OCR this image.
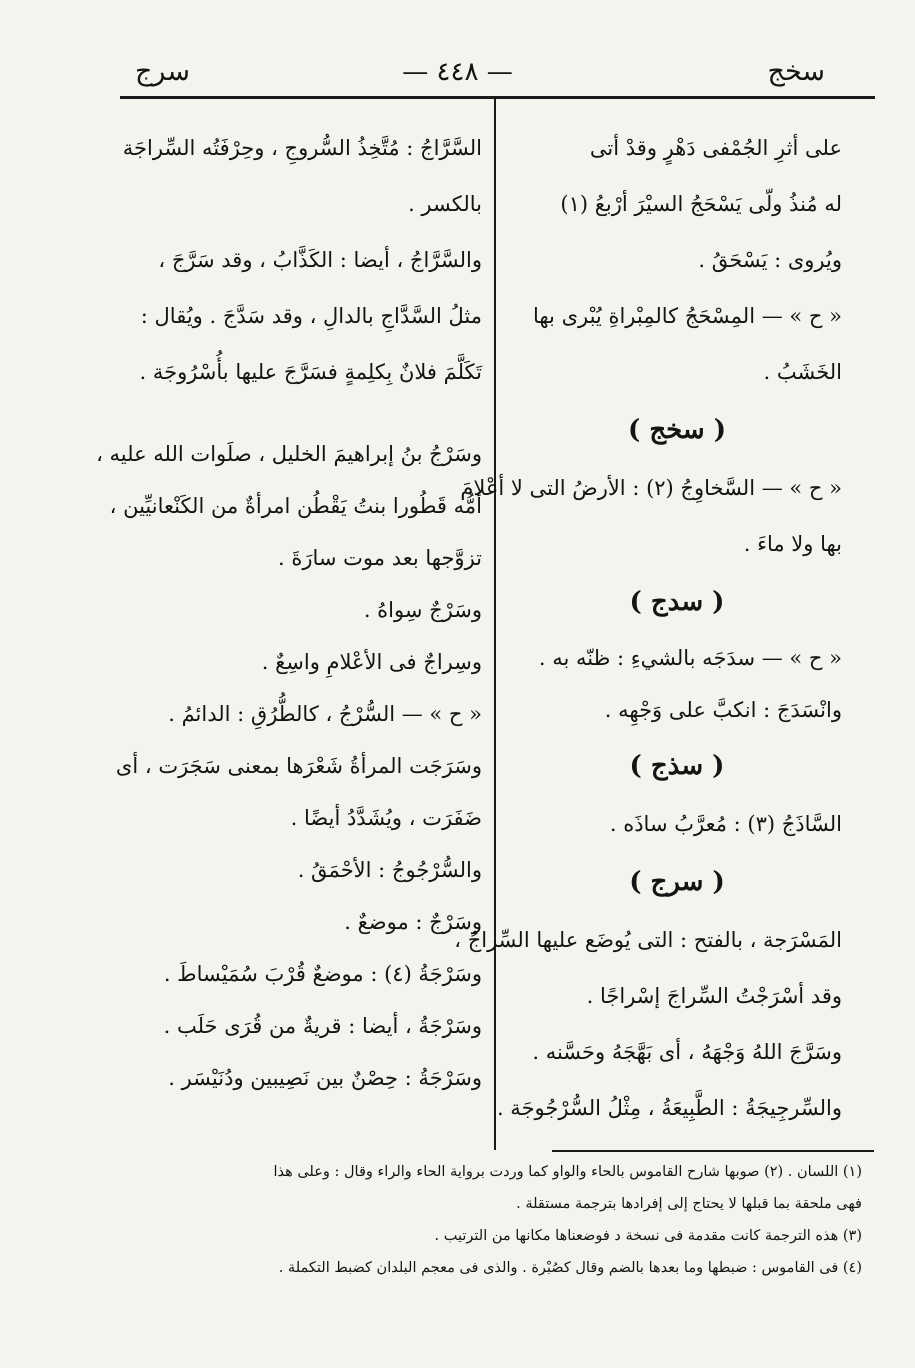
سخج
— ٤٤٨ —
سرج
على أثرِ الجُمْفى دَهْرٍ وقدْ أتى
له مُنذُ ولّى يَسْحَجُ السيْرَ أرْبعُ (١)
ويُروى : يَسْحَقُ .
« ح » — المِسْحَجُ كالمِبْراةِ يُبْرى بها
الخَشَبُ .
( سخج )
« ح » — السَّخاوِجُ (٢) : الأرضُ التى لا أعْلامَ
بها ولا ماءَ .
( سدج )
« ح » — سدَجَه بالشيءِ : ظنّه به .
وانْسَدَجَ : انكبَّ على وَجْهِه .
( سذج )
السَّاذَجُ (٣) : مُعرَّبُ ساذَه .
( سرج )
المَسْرَجة ، بالفتح : التى يُوضَع عليها السِّراجُ ،
وقد أسْرَجْتُ السِّراجَ إسْراجًا .
وسَرَّجَ اللهُ وَجْهَهُ ، أى بَهَّجَهُ وحَسَّنه .
والسِّرجِيجَةُ : الطَّبِيعَةُ ، مِثْلُ السُّرْجُوجَة .
السَّرَّاجُ : مُتَّخِذُ السُّروجِ ، وحِرْفَتُه السِّراجَة
بالكسر .
والسَّرَّاجُ ، أيضا : الكَذَّابُ ، وقد سَرَّجَ ،
مثلُ السَّدَّاجِ بالدالِ ، وقد سَدَّجَ . ويُقال :
تَكَلَّمَ فلانٌ بِكلِمةٍ فسَرَّجَ عليها بأُسْرُوجَة .
وسَرْجُ بنُ إبراهيمَ الخليل ، صلَوات الله عليه ،
أمُّه قَطُورا بنتُ يَقْطُن امرأةٌ من الكَنْعانيِّين ،
تزوَّجها بعد موت سارَةَ .
وسَرْجٌ سِواهُ .
وسِراجٌ فى الأعْلامِ واسِعٌ .
« ح » — السُّرْجُ ، كالطُّرُقِ : الدائمُ .
وسَرَجَت المرأةُ شَعْرَها بمعنى سَجَرَت ، أى
ضَفَرَت ، ويُشَدَّدُ أيضًا .
والسُّرْجُوجُ : الأحْمَقُ .
وسَرْجٌ : موضعٌ .
وسَرْجَةُ (٤) : موضعٌ قُرْبَ سُمَيْساطَ .
وسَرْجَةُ ، أيضا : قريةٌ من قُرَى حَلَب .
وسَرْجَةُ : حِصْنٌ بين نَصِيبين ودُنَيْسَر .
(١) اللسان . (٢) صوبها شارح القاموس بالحاء والواو كما وردت برواية الحاء والراء وقال : وعلى هذا
فهى ملحقة بما قبلها لا يحتاج إلى إفرادها بترجمة مستقلة .
(٣) هذه الترجمة كانت مقدمة فى نسخة د فوضعناها مكانها من الترتيب .
(٤) فى القاموس : ضبطها وما بعدها بالضم وقال كصُبْرة . والذى فى معجم البلدان كضبط التكملة .
